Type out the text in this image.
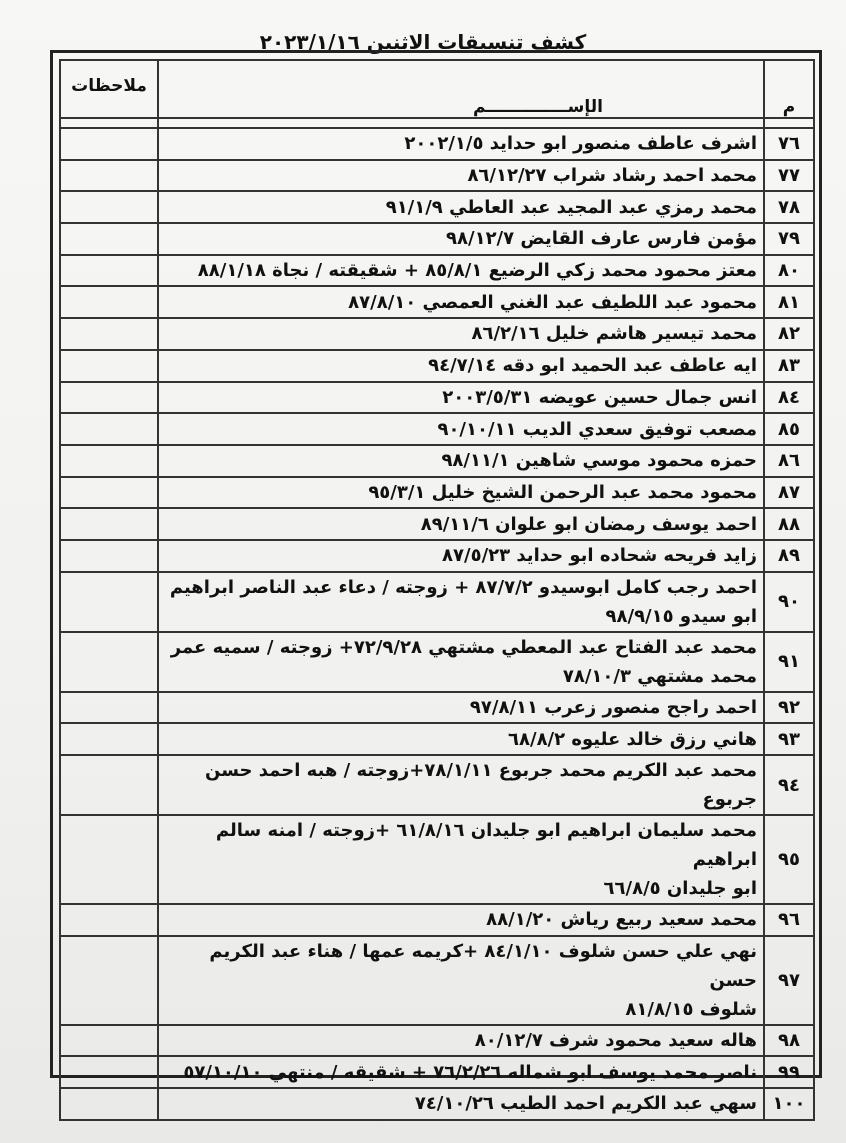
كشف تنسيقات الاثنين ٢٠٢٣/١/١٦
م	الإســــــــــــــم	ملاحظات

٧٦	اشرف عاطف منصور ابو حدايد ٢٠٠٢/١/٥	

٧٧	محمد احمد رشاد شراب ٨٦/١٢/٢٧	

٧٨	محمد رمزي عبد المجيد عبد العاطي ٩١/١/٩	

٧٩	مؤمن فارس عارف القايض ٩٨/١٢/٧	

٨٠	معتز محمود محمد زكي الرضيع ٨٥/٨/١ + شقيقته / نجاة ٨٨/١/١٨	

٨١	محمود عبد اللطيف عبد الغني العمصي ٨٧/٨/١٠	

٨٢	محمد تيسير هاشم خليل ٨٦/٢/١٦	

٨٣	ايه عاطف عبد الحميد ابو دقه ٩٤/٧/١٤	

٨٤	انس جمال حسين عويضه ٢٠٠٣/٥/٣١	

٨٥	مصعب توفيق سعدي الديب ٩٠/١٠/١١	

٨٦	حمزه محمود موسي شاهين ٩٨/١١/١	

٨٧	محمود محمد عبد الرحمن الشيخ خليل ٩٥/٣/١	

٨٨	احمد يوسف رمضان ابو علوان ٨٩/١١/٦	

٨٩	زايد فريحه شحاده ابو حدايد ٨٧/٥/٢٣	

٩٠	احمد رجب كامل ابوسيدو ٨٧/٧/٢ + زوجته / دعاء عبد الناصر ابراهيم
ابو سيدو ٩٨/٩/١٥	

٩١	محمد عبد الفتاح عبد المعطي مشتهي ٧٢/٩/٢٨+ زوجته / سميه عمر
محمد مشتهي ٧٨/١٠/٣	

٩٢	احمد راجح منصور زعرب ٩٧/٨/١١	

٩٣	هاني رزق خالد عليوه ٦٨/٨/٢	

٩٤	محمد عبد الكريم محمد جربوع ٧٨/١/١١+زوجته / هبه احمد حسن
جربوع	

٩٥	محمد سليمان ابراهيم ابو جليدان ٦١/٨/١٦ +زوجته / امنه سالم ابراهيم
ابو جليدان ٦٦/٨/٥	

٩٦	محمد سعيد ربيع رياش ٨٨/١/٢٠	

٩٧	نهي علي حسن شلوف ٨٤/١/١٠ +كريمه عمها / هناء عبد الكريم حسن
شلوف ٨١/٨/١٥	

٩٨	هاله سعيد محمود شرف ٨٠/١٢/٧	

٩٩	ناصر محمد يوسف ابو شماله ٧٦/٢/٢٦ + شقيقه / منتهي ٥٧/١٠/١٠	

١٠٠	سهي عبد الكريم احمد الطيب ٧٤/١٠/٢٦	
